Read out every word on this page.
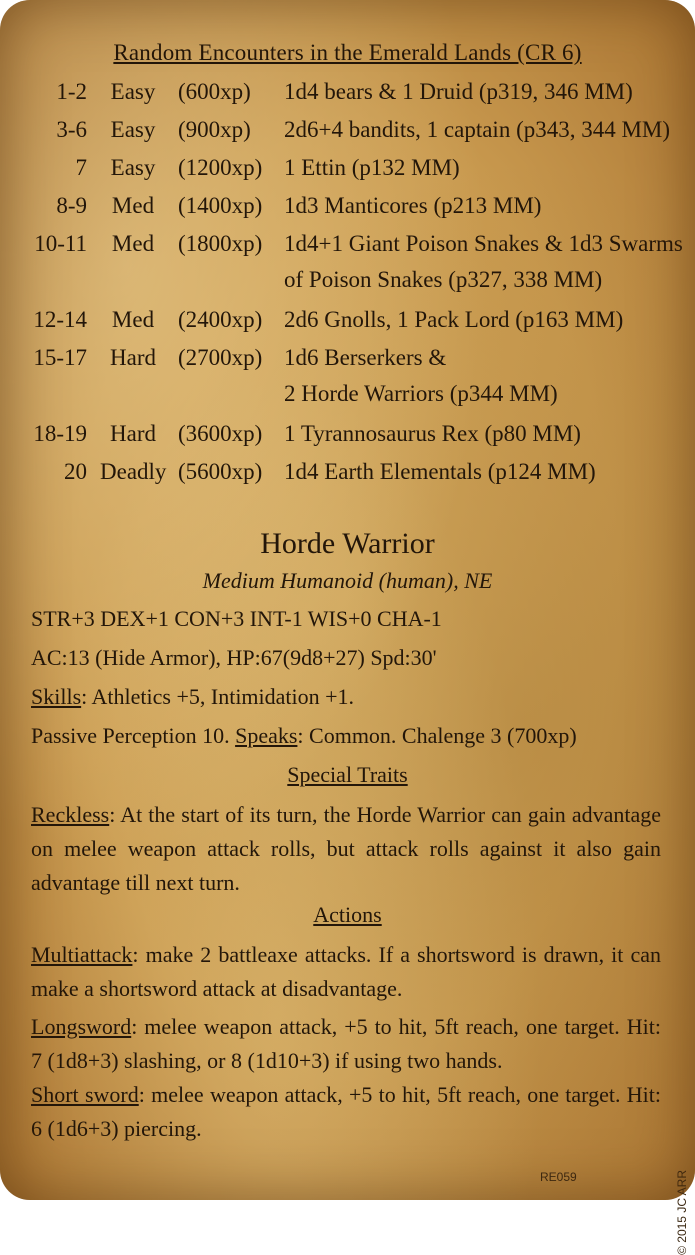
Random Encounters in the Emerald Lands (CR 6)
1-2	Easy (600xp) 1d4 bears & 1 Druid (p319, 346 MM)
3-6	Easy (900xp) 2d6+4 bandits, 1 captain (p343, 344 MM)
7	Easy (1200xp) 1 Ettin (p132 MM)
8-9	Med	(1400xp) 1d3 Manticores (p213 MM)
10-11	Med	(1800xp) 1d4+1 Giant Poison Snakes & 1d3 Swarms
of Poison Snakes (p327, 338 MM)
12-14	Med	(2400xp) 2d6 Gnolls, 1 Pack Lord (p163 MM)
15-17	Hard (2700xp) 1d6 Berserkers &
2 Horde Warriors (p344 MM)
18-19	Hard (3600xp) 1 Tyrannosaurus Rex (p80 MM)
20 Deadly (5600xp) 1d4 Earth Elementals (p124 MM)
Horde Warrior
Medium Humanoid (human), NE
STR+3 DEX+1 CON+3 INT-1 WIS+0 CHA-1
AC:13 (Hide Armor), HP:67(9d8+27) Spd:30'
Skills: Athletics +5, Intimidation +1.
Passive Perception 10. Speaks: Common. Chalenge 3 (700xp)
Special Traits
Reckless: At the start of its turn, the Horde Warrior can gain advantage on melee weapon attack rolls, but attack rolls against it also gain advantage till next turn.
Actions
Multiattack: make 2 battleaxe attacks. If a shortsword is drawn, it can make a shortsword attack at disadvantage.
Longsword: melee weapon attack, +5 to hit, 5ft reach, one target. Hit: 7 (1d8+3) slashing, or 8 (1d10+3) if using two hands.
Short sword: melee weapon attack, +5 to hit, 5ft reach, one target. Hit: 6 (1d6+3) piercing.
© 2015 JC ARR
RE059
